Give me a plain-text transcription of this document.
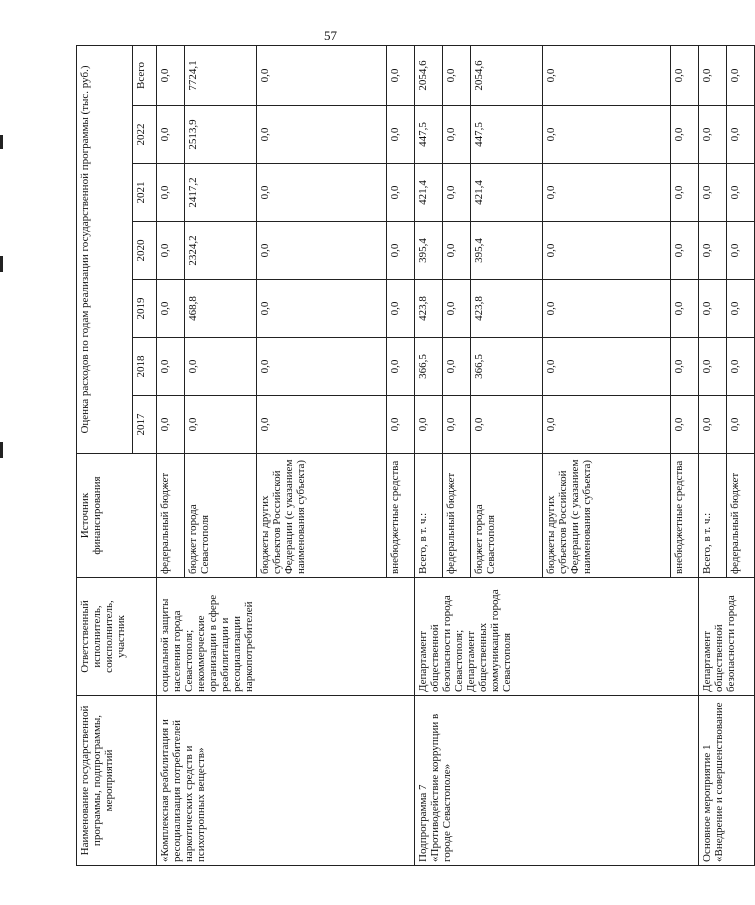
57
Наименование государственной программы, подпрограммы, мероприятий	Ответственный исполнитель, соисполнитель, участник	Источник финансирования	Оценка расходов по годам реализации государственной программы (тыс. руб.)						
			2017	2018	2019	2020	2021	2022	Всего
«Комплексная реабилитация и ресоциализация потребителей наркотических средств и психотропных веществ»	социальной защиты населения города Севастополя; некоммерческие организации в сфере реабилитации и ресоциализации наркопотребителей	федеральный бюджет	0,0	0,0	0,0	0,0	0,0	0,0	0,0
		бюджет города Севастополя	0,0	0,0	468,8	2324,2	2417,2	2513,9	7724,1
		бюджеты других субъектов Российской Федерации (с указанием наименования субъекта)	0,0	0,0	0,0	0,0	0,0	0,0	0,0
		внебюджетные средства	0,0	0,0	0,0	0,0	0,0	0,0	0,0
Подпрограмма 7 «Противодействие коррупции в городе Севастополе»	Департамент общественной безопасности города Севастополя; Департамент общественных коммуникаций города Севастополя	Всего, в т. ч.:	0,0	366,5	423,8	395,4	421,4	447,5	2054,6
		федеральный бюджет	0,0	0,0	0,0	0,0	0,0	0,0	0,0
		бюджет города Севастополя	0,0	366,5	423,8	395,4	421,4	447,5	2054,6
		бюджеты других субъектов Российской Федерации (с указанием наименования субъекта)	0,0	0,0	0,0	0,0	0,0	0,0	0,0
		внебюджетные средства	0,0	0,0	0,0	0,0	0,0	0,0	0,0
Основное мероприятие 1 «Внедрение и совершенствование	Департамент общественной безопасности города	Всего, в т. ч.:	0,0	0,0	0,0	0,0	0,0	0,0	0,0
		федеральный бюджет	0,0	0,0	0,0	0,0	0,0	0,0	0,0
